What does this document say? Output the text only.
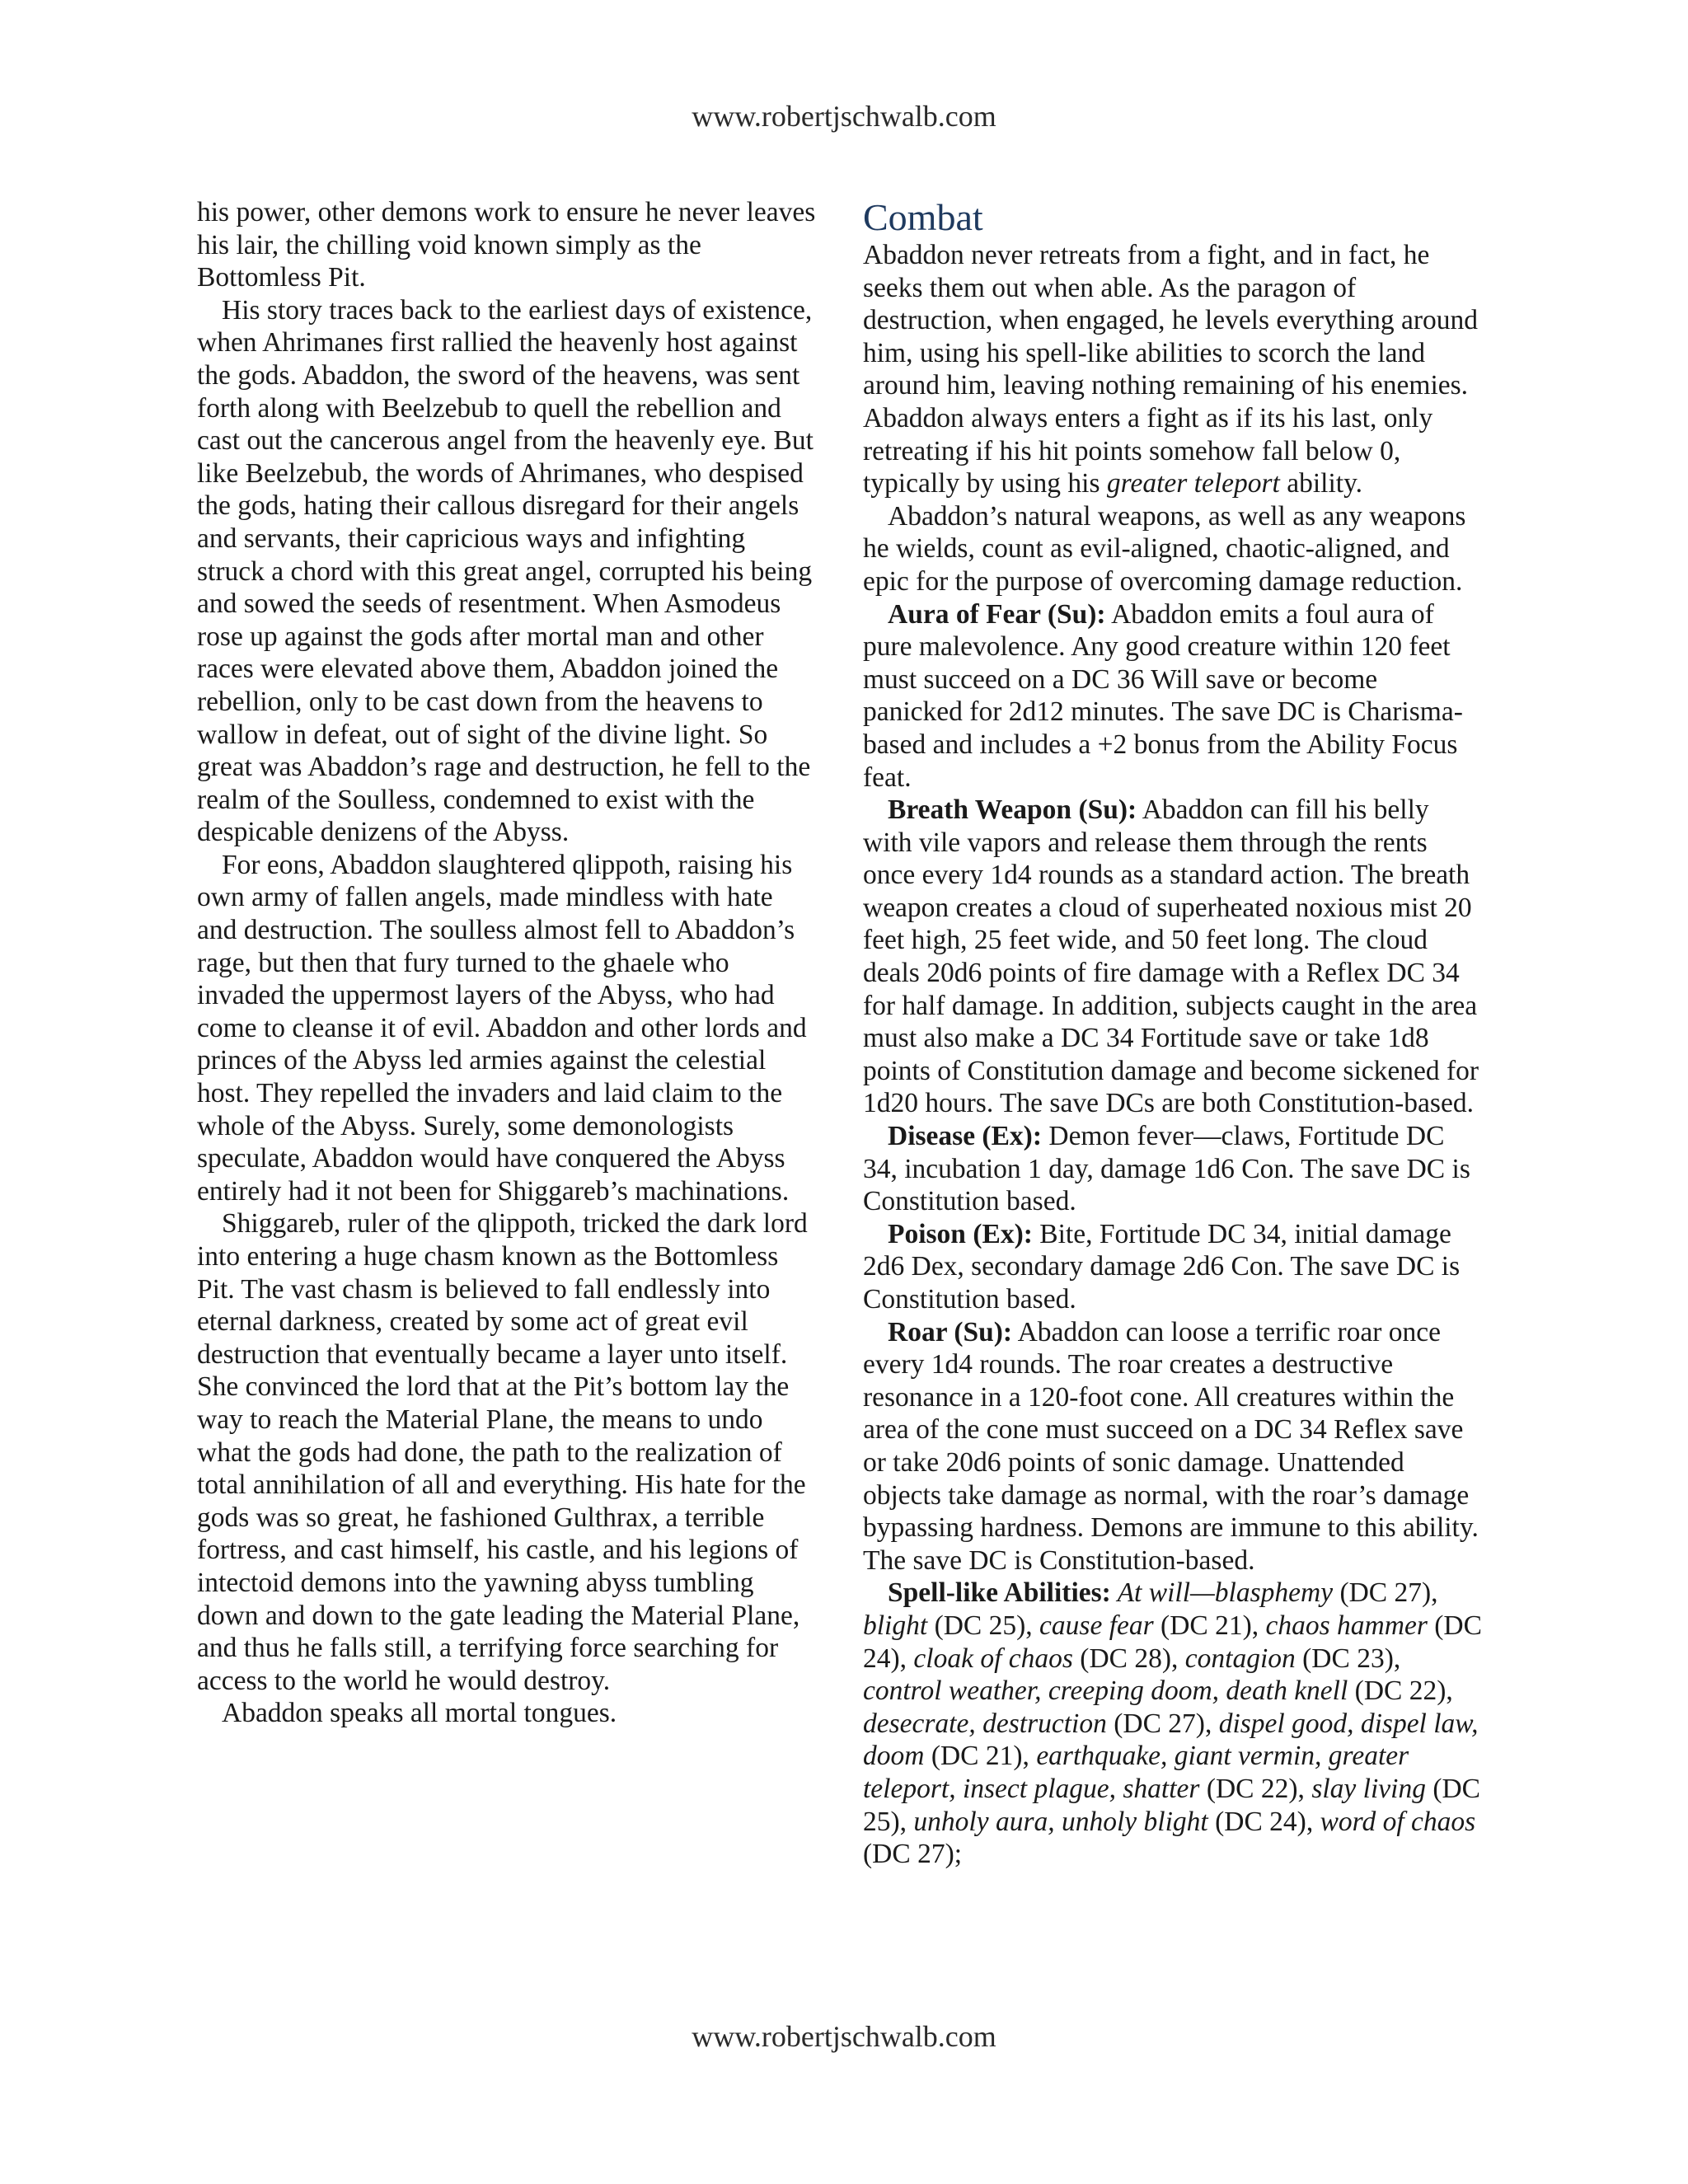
www.robertjschwalb.com

his power, other demons work to ensure he never leaves his lair, the chilling void known simply as the Bottomless Pit.

His story traces back to the earliest days of existence, when Ahrimanes first rallied the heavenly host against the gods. Abaddon, the sword of the heavens, was sent forth along with Beelzebub to quell the rebellion and cast out the cancerous angel from the heavenly eye. But like Beelzebub, the words of Ahrimanes, who despised the gods, hating their callous disregard for their angels and servants, their capricious ways and infighting struck a chord with this great angel, corrupted his being and sowed the seeds of resentment. When Asmodeus rose up against the gods after mortal man and other races were elevated above them, Abaddon joined the rebellion, only to be cast down from the heavens to wallow in defeat, out of sight of the divine light. So great was Abaddon’s rage and destruction, he fell to the realm of the Soulless, condemned to exist with the despicable denizens of the Abyss.

For eons, Abaddon slaughtered qlippoth, raising his own army of fallen angels, made mindless with hate and destruction. The soulless almost fell to Abaddon’s rage, but then that fury turned to the ghaele who invaded the uppermost layers of the Abyss, who had come to cleanse it of evil. Abaddon and other lords and princes of the Abyss led armies against the celestial host. They repelled the invaders and laid claim to the whole of the Abyss. Surely, some demonologists speculate, Abaddon would have conquered the Abyss entirely had it not been for Shiggareb’s machinations.

Shiggareb, ruler of the qlippoth, tricked the dark lord into entering a huge chasm known as the Bottomless Pit. The vast chasm is believed to fall endlessly into eternal darkness, created by some act of great evil destruction that eventually became a layer unto itself. She convinced the lord that at the Pit’s bottom lay the way to reach the Material Plane, the means to undo what the gods had done, the path to the realization of total annihilation of all and everything. His hate for the gods was so great, he fashioned Gulthrax, a terrible fortress, and cast himself, his castle, and his legions of intectoid demons into the yawning abyss tumbling down and down to the gate leading the Material Plane, and thus he falls still, a terrifying force searching for access to the world he would destroy.

Abaddon speaks all mortal tongues.

Combat

Abaddon never retreats from a fight, and in fact, he seeks them out when able. As the paragon of destruction, when engaged, he levels everything around him, using his spell-like abilities to scorch the land around him, leaving nothing remaining of his enemies. Abaddon always enters a fight as if its his last, only retreating if his hit points somehow fall below 0, typically by using his greater teleport ability.

Abaddon’s natural weapons, as well as any weapons he wields, count as evil-aligned, chaotic-aligned, and epic for the purpose of overcoming damage reduction.

Aura of Fear (Su): Abaddon emits a foul aura of pure malevolence. Any good creature within 120 feet must succeed on a DC 36 Will save or become panicked for 2d12 minutes. The save DC is Charisma-based and includes a +2 bonus from the Ability Focus feat.

Breath Weapon (Su): Abaddon can fill his belly with vile vapors and release them through the rents once every 1d4 rounds as a standard action. The breath weapon creates a cloud of superheated noxious mist 20 feet high, 25 feet wide, and 50 feet long. The cloud deals 20d6 points of fire damage with a Reflex DC 34 for half damage. In addition, subjects caught in the area must also make a DC 34 Fortitude save or take 1d8 points of Constitution damage and become sickened for 1d20 hours. The save DCs are both Constitution-based.

Disease (Ex): Demon fever—claws, Fortitude DC 34, incubation 1 day, damage 1d6 Con. The save DC is Constitution based.

Poison (Ex): Bite, Fortitude DC 34, initial damage 2d6 Dex, secondary damage 2d6 Con. The save DC is Constitution based.

Roar (Su): Abaddon can loose a terrific roar once every 1d4 rounds. The roar creates a destructive resonance in a 120-foot cone. All creatures within the area of the cone must succeed on a DC 34 Reflex save or take 20d6 points of sonic damage. Unattended objects take damage as normal, with the roar’s damage bypassing hardness. Demons are immune to this ability. The save DC is Constitution-based.

Spell-like Abilities: At will—blasphemy (DC 27), blight (DC 25), cause fear (DC 21), chaos hammer (DC 24), cloak of chaos (DC 28), contagion (DC 23), control weather, creeping doom, death knell (DC 22), desecrate, destruction (DC 27), dispel good, dispel law, doom (DC 21), earthquake, giant vermin, greater teleport, insect plague, shatter (DC 22), slay living (DC 25), unholy aura, unholy blight (DC 24), word of chaos (DC 27);

www.robertjschwalb.com
